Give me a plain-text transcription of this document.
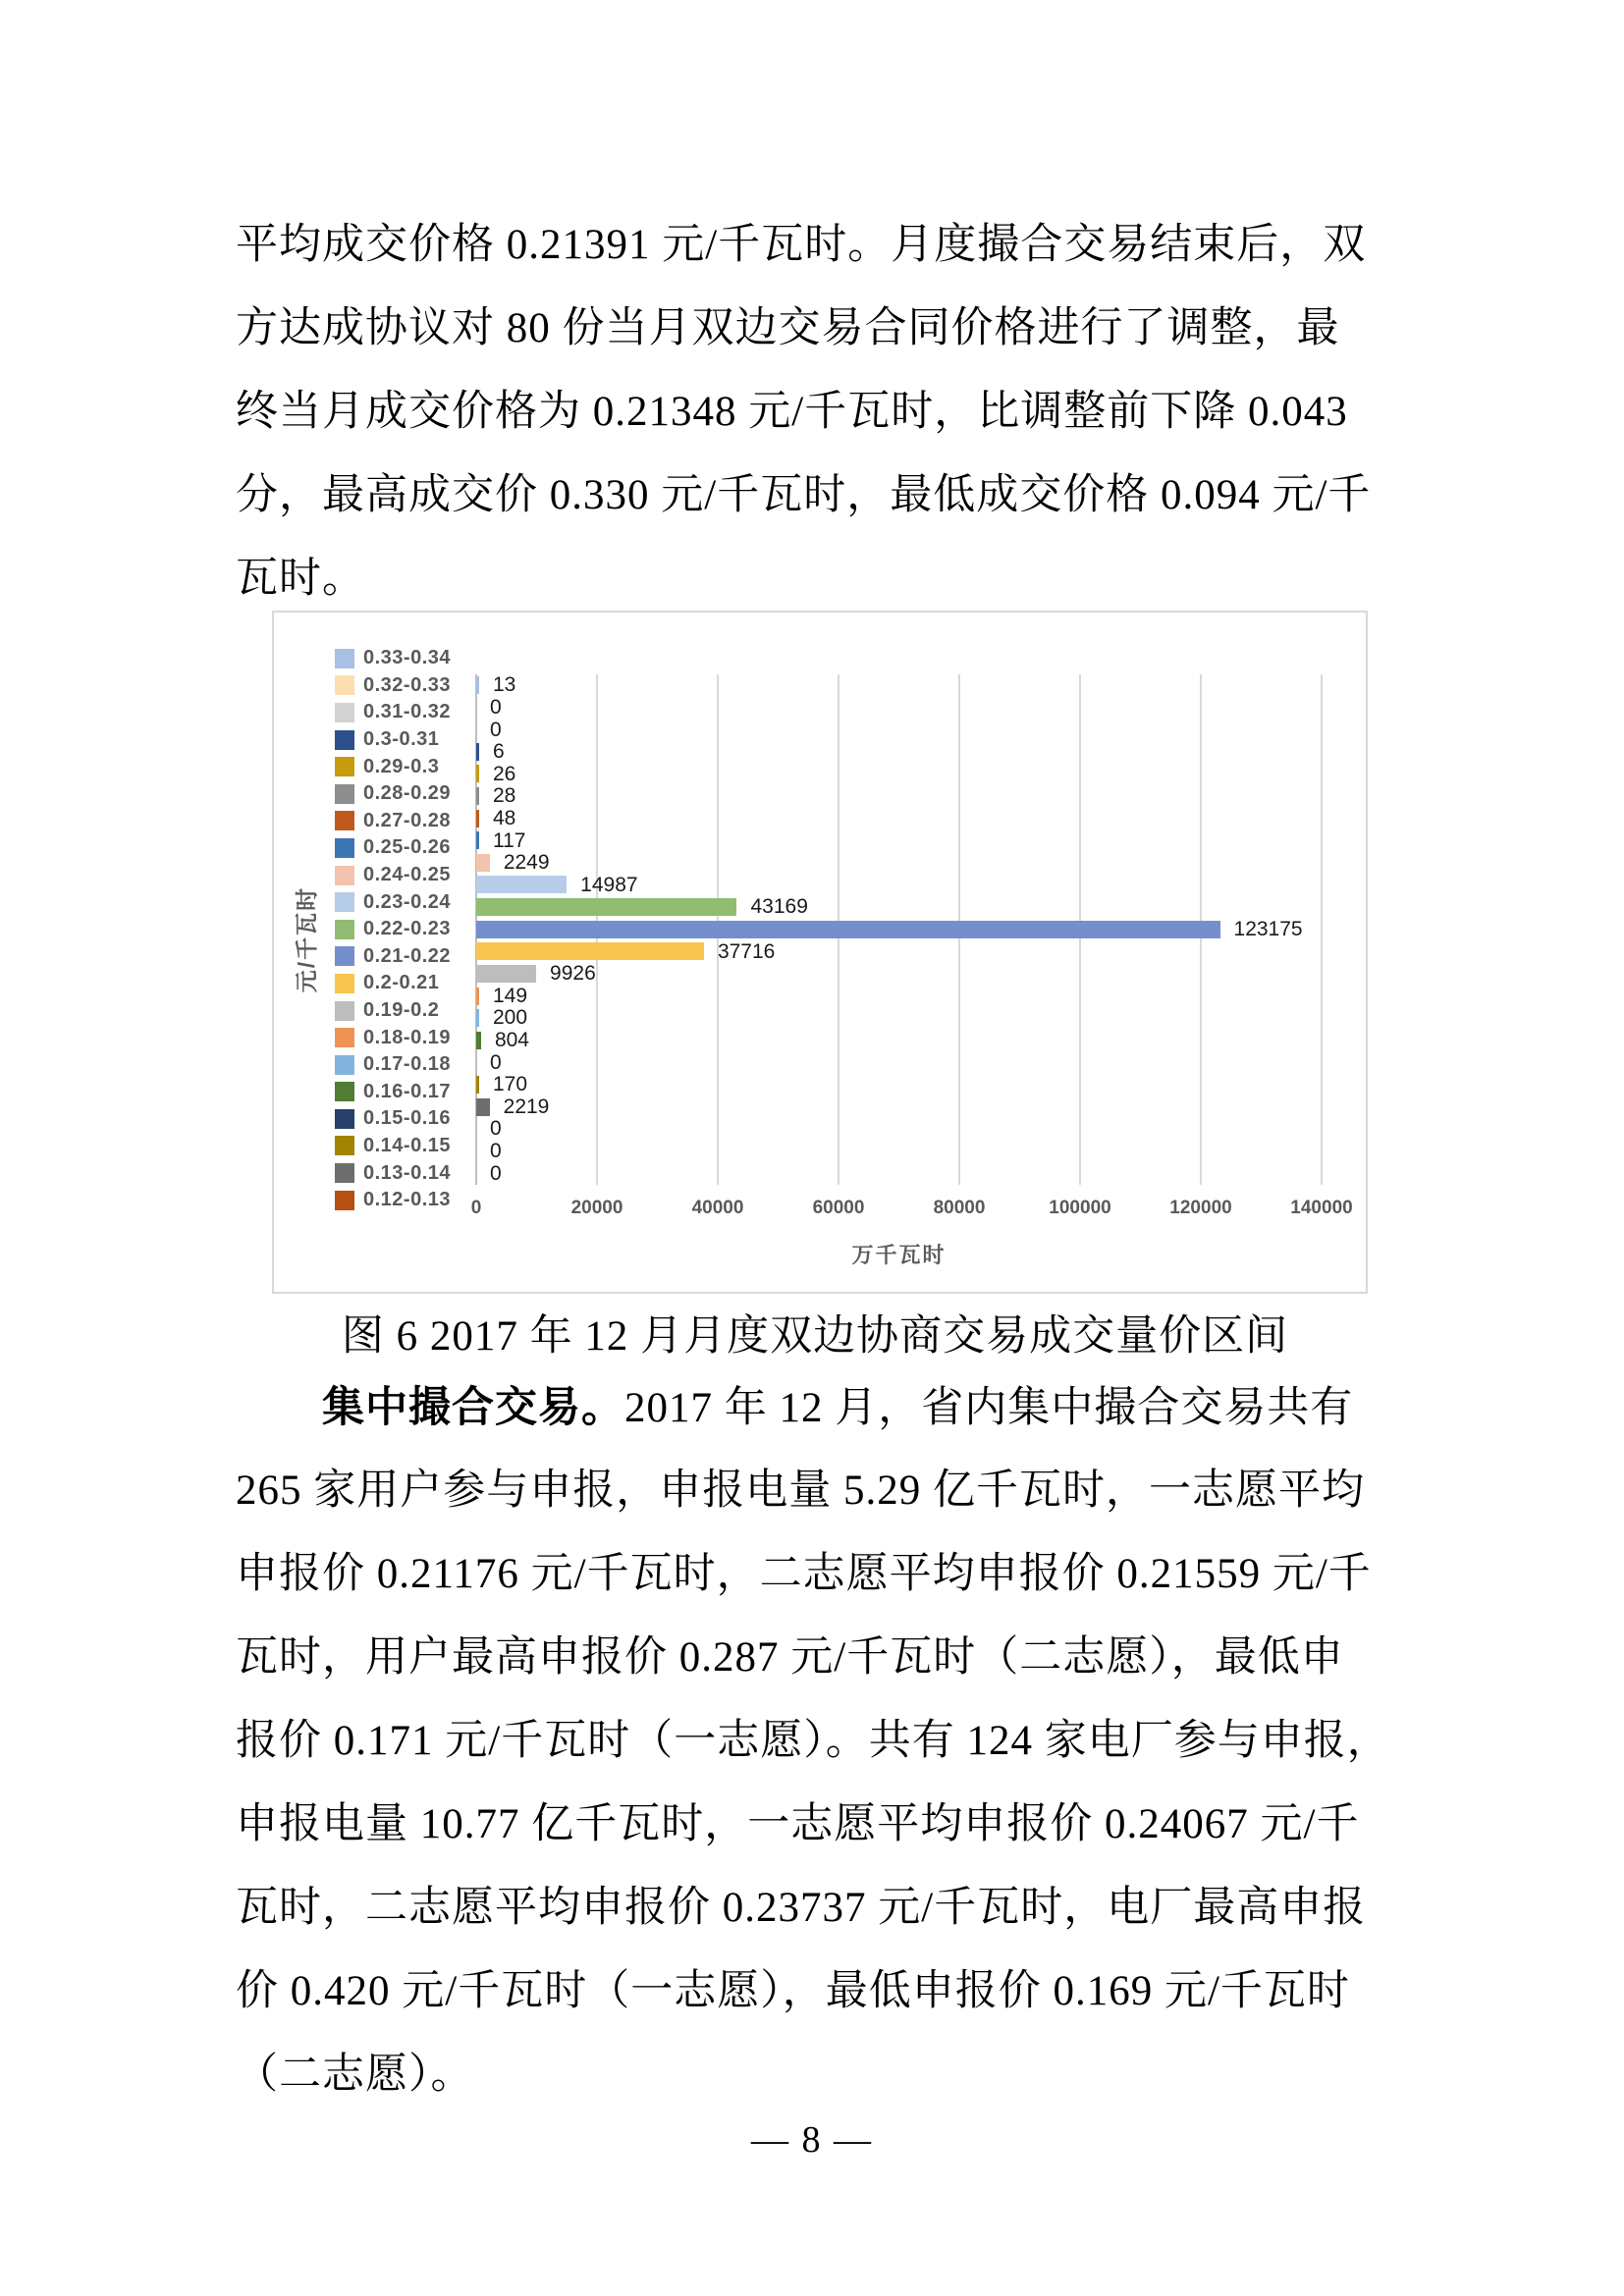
平均成交价格 0.21391 元/千瓦时。月度撮合交易结束后，双
方达成协议对 80 份当月双边交易合同价格进行了调整，最
终当月成交价格为 0.21348 元/千瓦时，比调整前下降 0.043
分，最高成交价 0.330 元/千瓦时，最低成交价格 0.094 元/千
瓦时。
元/千瓦时
0.33-0.34
0.32-0.33
0.31-0.32
0.3-0.31
0.29-0.3
0.28-0.29
0.27-0.28
0.25-0.26
0.24-0.25
0.23-0.24
0.22-0.23
0.21-0.22
0.2-0.21
0.19-0.2
0.18-0.19
0.17-0.18
0.16-0.17
0.15-0.16
0.14-0.15
0.13-0.14
0.12-0.13
13
0
0
6
26
28
48
117
2249
14987
43169
123175
37716
9926
149
200
804
0
170
2219
0
0
0
0	20000	40000	60000	80000	100000	120000	140000
万千瓦时
图 6 2017 年 12 月月度双边协商交易成交量价区间
集中撮合交易。2017 年 12 月，省内集中撮合交易共有
265 家用户参与申报，申报电量 5.29 亿千瓦时，一志愿平均
申报价 0.21176 元/千瓦时，二志愿平均申报价 0.21559 元/千
瓦时，用户最高申报价 0.287 元/千瓦时（二志愿），最低申
报价 0.171 元/千瓦时（一志愿）。共有 124 家电厂参与申报，
申报电量 10.77 亿千瓦时，一志愿平均申报价 0.24067 元/千
瓦时，二志愿平均申报价 0.23737 元/千瓦时，电厂最高申报
价 0.420 元/千瓦时（一志愿），最低申报价 0.169 元/千瓦时
（二志愿）。
— 8 —
